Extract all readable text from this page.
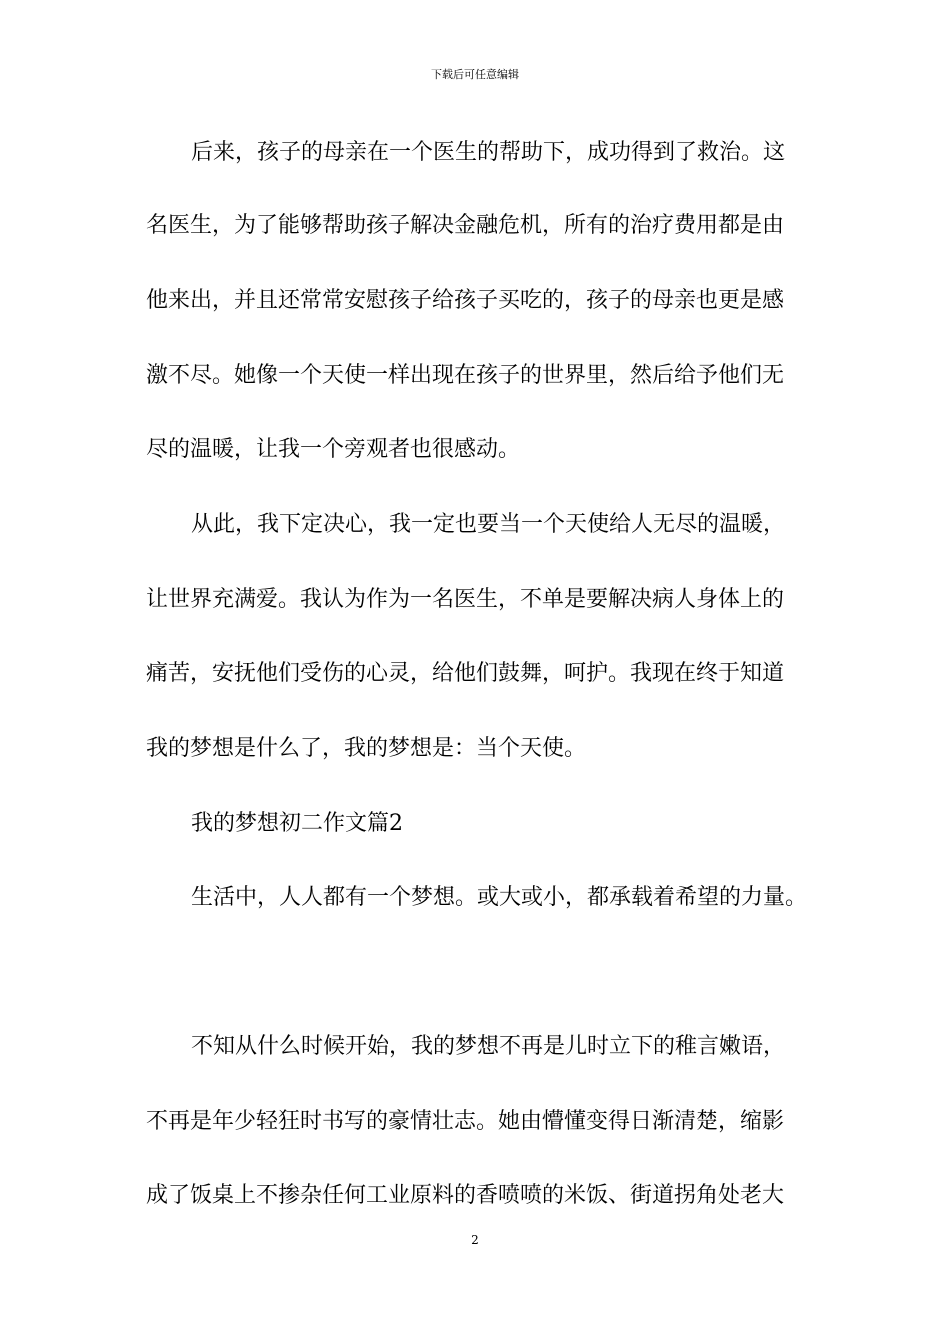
下载后可任意编辑
后来，孩子的母亲在一个医生的帮助下，成功得到了救治。这
名医生，为了能够帮助孩子解决金融危机，所有的治疗费用都是由
他来出，并且还常常安慰孩子给孩子买吃的，孩子的母亲也更是感
激不尽。她像一个天使一样出现在孩子的世界里，然后给予他们无
尽的温暖，让我一个旁观者也很感动。
从此，我下定决心，我一定也要当一个天使给人无尽的温暖，
让世界充满爱。我认为作为一名医生，不单是要解决病人身体上的
痛苦，安抚他们受伤的心灵，给他们鼓舞，呵护。我现在终于知道
我的梦想是什么了，我的梦想是：当个天使。
我的梦想初二作文篇2
生活中，人人都有一个梦想。或大或小，都承载着希望的力量。
不知从什么时候开始，我的梦想不再是儿时立下的稚言嫩语，
不再是年少轻狂时书写的豪情壮志。她由懵懂变得日渐清楚，缩影
成了饭桌上不掺杂任何工业原料的香喷喷的米饭、街道拐角处老大
2
